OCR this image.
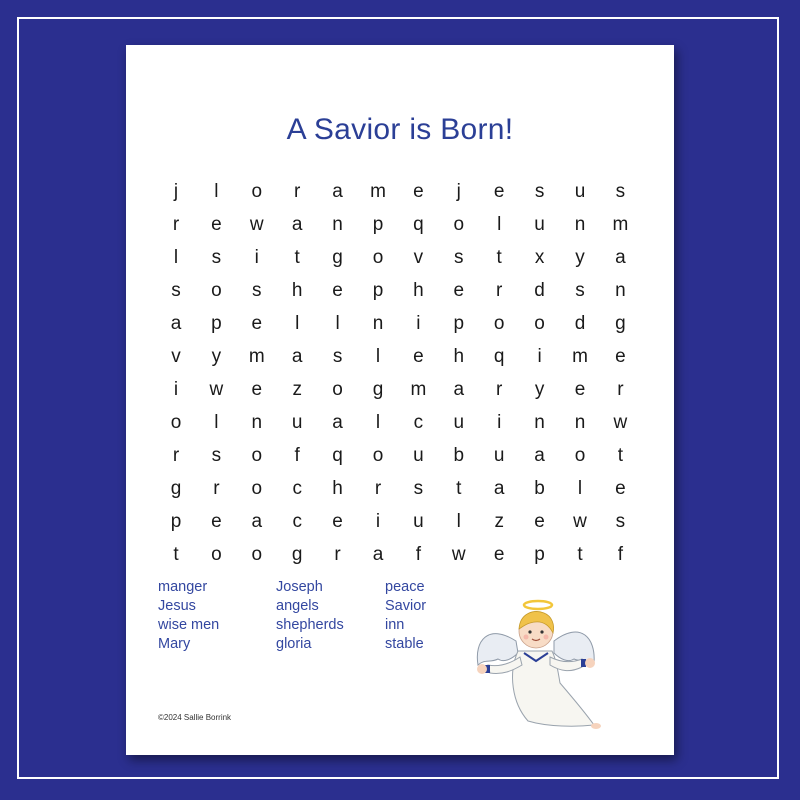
A Savior is Born!
j	l	o	r	a	m	e	j	e	s	u	s
r	e	w	a	n	p	q	o	l	u	n	m
l	s	i	t	g	o	v	s	t	x	y	a
s	o	s	h	e	p	h	e	r	d	s	n
a	p	e	l	l	n	i	p	o	o	d	g
v	y	m	a	s	l	e	h	q	i	m	e
i	w	e	z	o	g	m	a	r	y	e	r
o	l	n	u	a	l	c	u	i	n	n	w
r	s	o	f	q	o	u	b	u	a	o	t
g	r	o	c	h	r	s	t	a	b	l	e
p	e	a	c	e	i	u	l	z	e	w	s
t	o	o	g	r	a	f	w	e	p	t	f
manger
Jesus
wise men
Mary
Joseph
angels
shepherds
gloria
peace
Savior
inn
stable
©2024 Sallie Borrink
